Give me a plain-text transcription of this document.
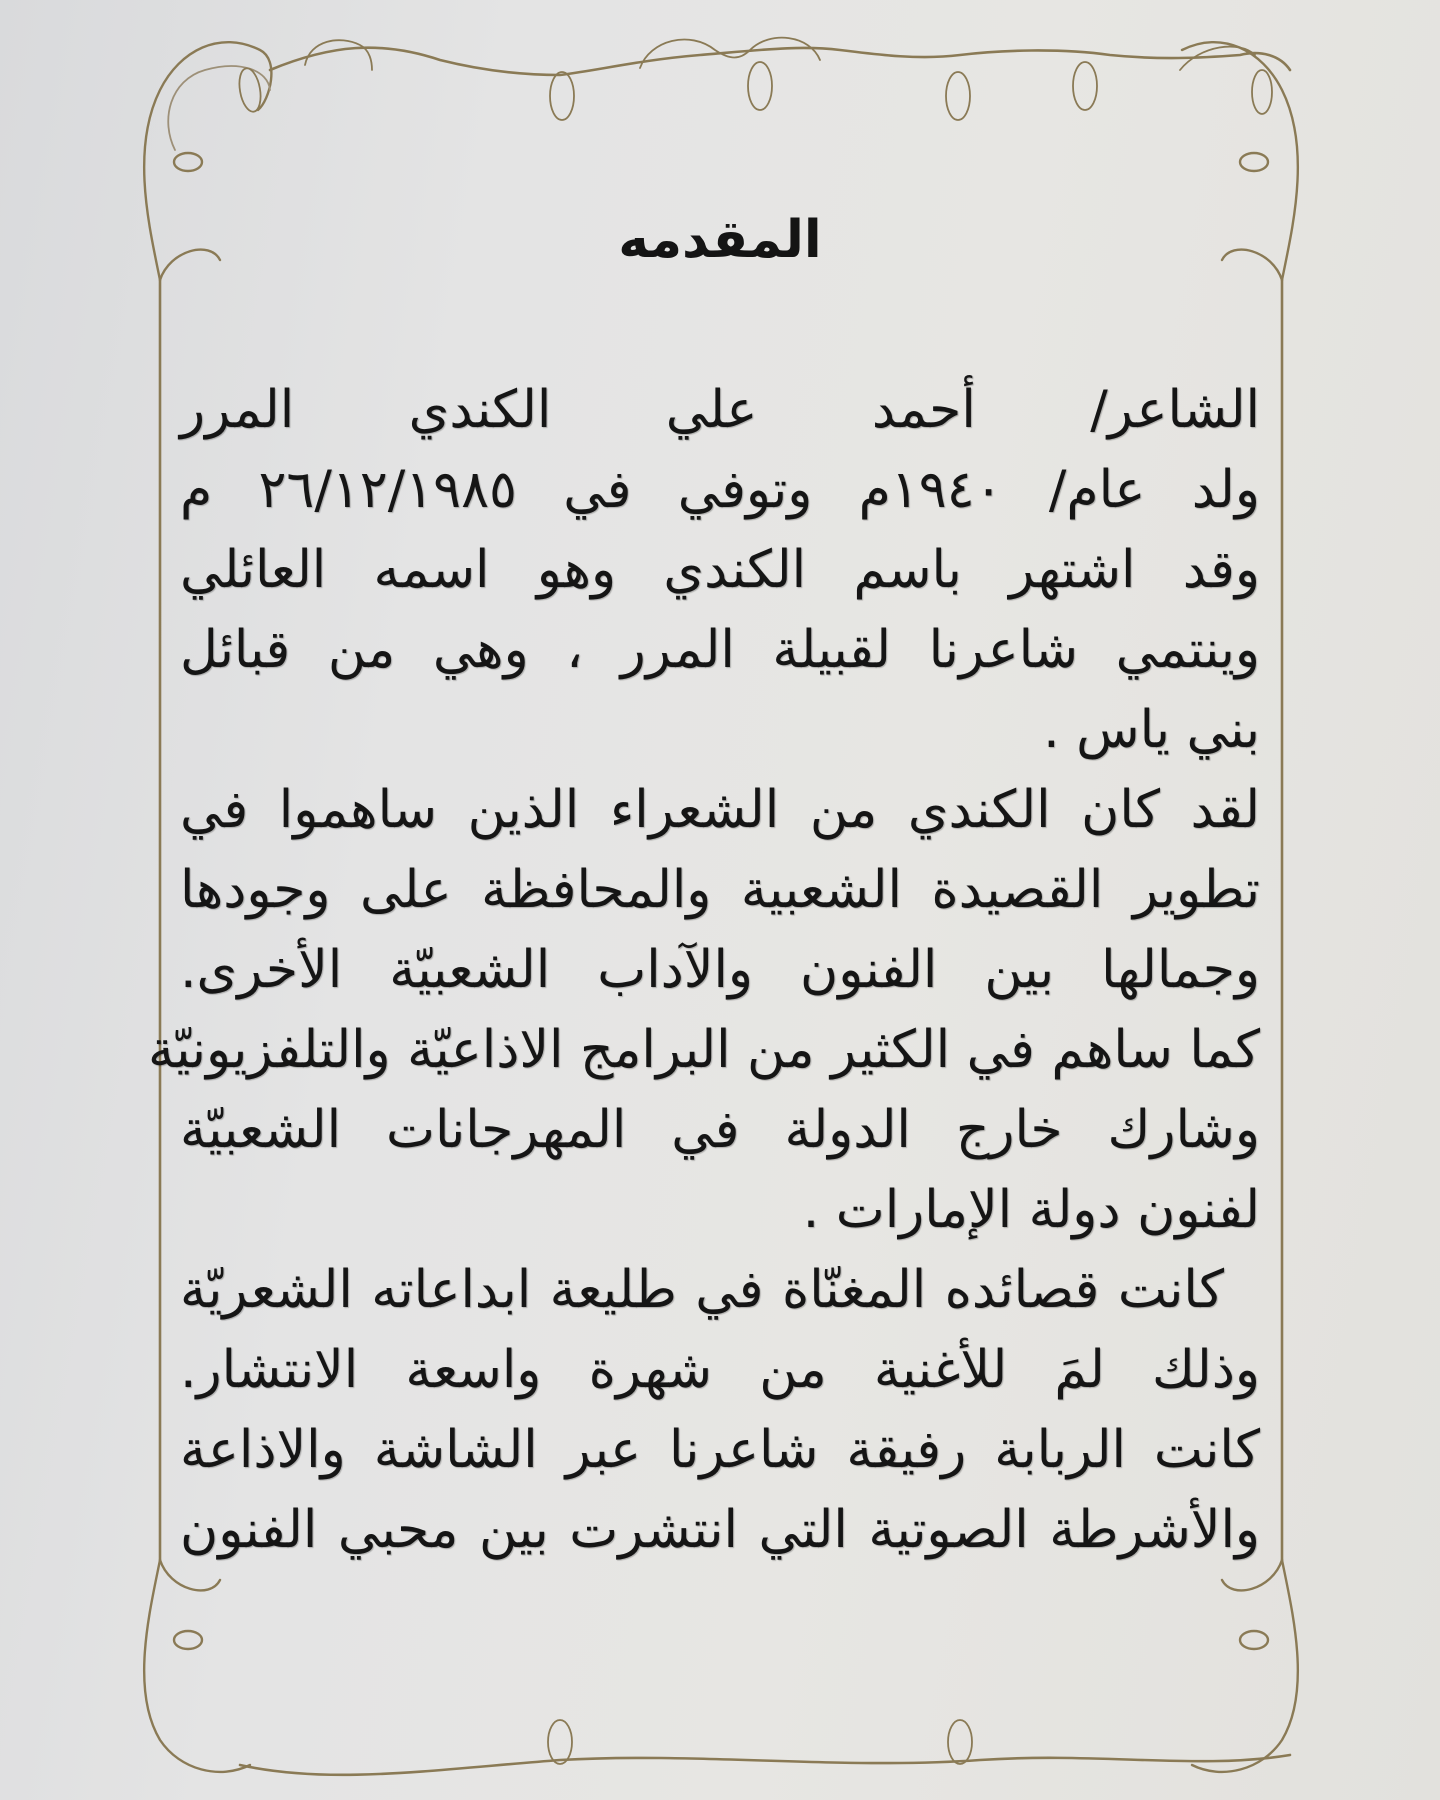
المقدمه
الشاعر/ أحمد علي الكندي المرر
ولد عام/ ١٩٤٠م وتوفي في ٢٦/١٢/١٩٨٥ م
وقد اشتهر باسم الكندي وهو اسمه العائلي
وينتمي شاعرنا لقبيلة المرر ، وهي من قبائل
بني ياس .
لقد كان الكندي من الشعراء الذين ساهموا في
تطوير القصيدة الشعبية والمحافظة على وجودها
وجمالها بين الفنون والآداب الشعبيّة الأخرى.
كما ساهم في الكثير من البرامج الاذاعيّة والتلفزيونيّة
وشارك خارج الدولة في المهرجانات الشعبيّة
لفنون دولة الإمارات .
كانت قصائده المغنّاة في طليعة ابداعاته الشعريّة
وذلك لمَ للأغنية من شهرة واسعة الانتشار.
كانت الربابة رفيقة شاعرنا عبر الشاشة والاذاعة
والأشرطة الصوتية التي انتشرت بين محبي الفنون
